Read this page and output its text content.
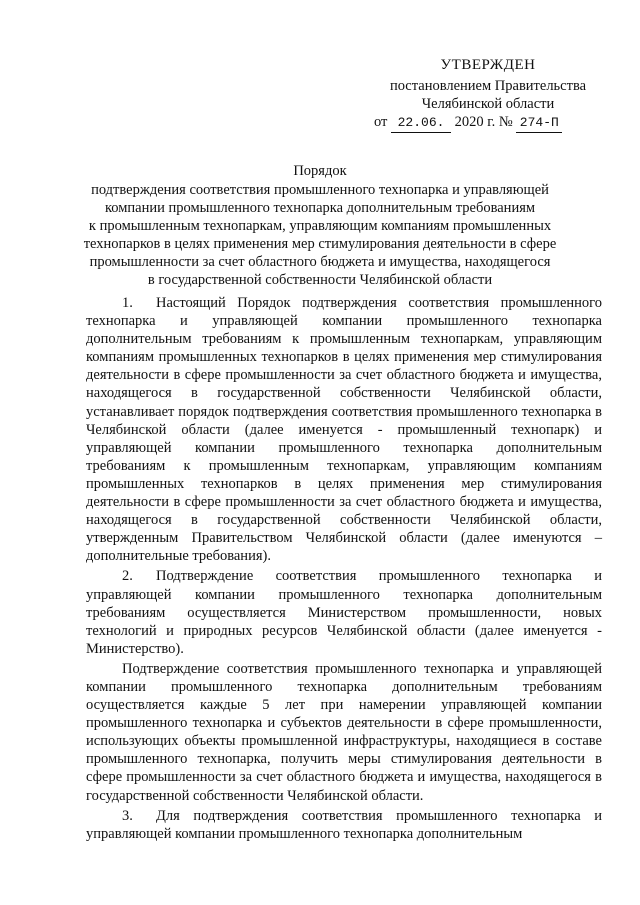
УТВЕРЖДЕН
постановлением Правительства
Челябинской области
от 22.06. 2020 г. № 274-П
Порядок
подтверждения соответствия промышленного технопарка и управляющей
компании промышленного технопарка дополнительным требованиям
к промышленным технопаркам, управляющим компаниям промышленных
технопарков в целях применения мер стимулирования деятельности в сфере
промышленности за счет областного бюджета и имущества, находящегося
в государственной собственности Челябинской области

1. Настоящий Порядок подтверждения соответствия промышленного технопарка и управляющей компании промышленного технопарка дополнительным требованиям к промышленным технопаркам, управляющим компаниям промышленных технопарков в целях применения мер стимулирования деятельности в сфере промышленности за счет областного бюджета и имущества, находящегося в государственной собственности Челябинской области, устанавливает порядок подтверждения соответствия промышленного технопарка в Челябинской области (далее именуется - промышленный технопарк) и управляющей компании промышленного технопарка дополнительным требованиям к промышленным технопаркам, управляющим компаниям промышленных технопарков в целях применения мер стимулирования деятельности в сфере промышленности за счет областного бюджета и имущества, находящегося в государственной собственности Челябинской области, утвержденным Правительством Челябинской области (далее именуются – дополнительные требования).

2. Подтверждение соответствия промышленного технопарка и управляющей компании промышленного технопарка дополнительным требованиям осуществляется Министерством промышленности, новых технологий и природных ресурсов Челябинской области (далее именуется - Министерство).

Подтверждение соответствия промышленного технопарка и управляющей компании промышленного технопарка дополнительным требованиям осуществляется каждые 5 лет при намерении управляющей компании промышленного технопарка и субъектов деятельности в сфере промышленности, использующих объекты промышленной инфраструктуры, находящиеся в составе промышленного технопарка, получить меры стимулирования деятельности в сфере промышленности за счет областного бюджета и имущества, находящегося в государственной собственности Челябинской области.

3. Для подтверждения соответствия промышленного технопарка и управляющей компании промышленного технопарка дополнительным
